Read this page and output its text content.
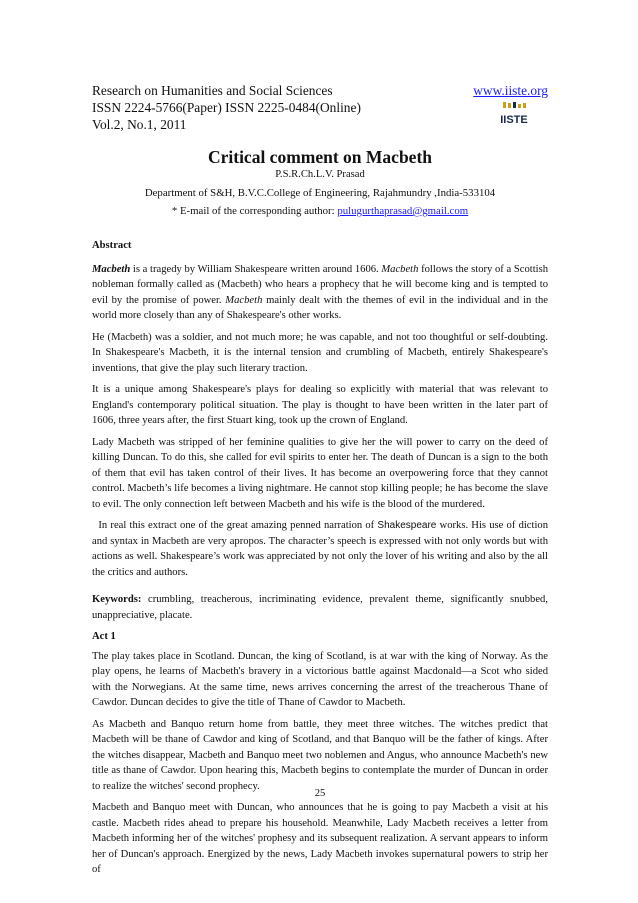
Research on Humanities and Social Sciences
ISSN 2224-5766(Paper) ISSN 2225-0484(Online)
Vol.2, No.1, 2011
www.iiste.org
IISTE
Critical comment on Macbeth
P.S.R.Ch.L.V. Prasad
Department of S&H, B.V.C.College of Engineering, Rajahmundry ,India-533104
* E-mail of the corresponding author: pulugurthaprasad@gmail.com

Abstract

Macbeth is a tragedy by William Shakespeare written around 1606. Macbeth follows the story of a Scottish nobleman formally called as (Macbeth) who hears a prophecy that he will become king and is tempted to evil by the promise of power. Macbeth mainly dealt with the themes of evil in the individual and in the world more closely than any of Shakespeare's other works.

He (Macbeth) was a soldier, and not much more; he was capable, and not too thoughtful or self-doubting. In Shakespeare's Macbeth, it is the internal tension and crumbling of Macbeth, entirely Shakespeare's inventions, that give the play such literary traction.

It is a unique among Shakespeare's plays for dealing so explicitly with material that was relevant to England's contemporary political situation. The play is thought to have been written in the later part of 1606, three years after, the first Stuart king, took up the crown of England.

Lady Macbeth was stripped of her feminine qualities to give her the will power to carry on the deed of killing Duncan. To do this, she called for evil spirits to enter her. The death of Duncan is a sign to the both of them that evil has taken control of their lives. It has become an overpowering force that they cannot control. Macbeth’s life becomes a living nightmare. He cannot stop killing people; he has become the slave to evil. The only connection left between Macbeth and his wife is the blood of the murdered.

In real this extract one of the great amazing penned narration of Shakespeare works. His use of diction and syntax in Macbeth are very apropos. The character’s speech is expressed with not only words but with actions as well. Shakespeare’s work was appreciated by not only the lover of his writing and also by the all the critics and authors.

Keywords: crumbling, treacherous, incriminating evidence, prevalent theme, significantly snubbed, unappreciative, placate.

Act 1

The play takes place in Scotland. Duncan, the king of Scotland, is at war with the king of Norway. As the play opens, he learns of Macbeth's bravery in a victorious battle against Macdonald—a Scot who sided with the Norwegians. At the same time, news arrives concerning the arrest of the treacherous Thane of Cawdor. Duncan decides to give the title of Thane of Cawdor to Macbeth.

As Macbeth and Banquo return home from battle, they meet three witches. The witches predict that Macbeth will be thane of Cawdor and king of Scotland, and that Banquo will be the father of kings. After the witches disappear, Macbeth and Banquo meet two noblemen and Angus, who announce Macbeth's new title as thane of Cawdor. Upon hearing this, Macbeth begins to contemplate the murder of Duncan in order to realize the witches' second prophecy.

Macbeth and Banquo meet with Duncan, who announces that he is going to pay Macbeth a visit at his castle. Macbeth rides ahead to prepare his household. Meanwhile, Lady Macbeth receives a letter from Macbeth informing her of the witches' prophesy and its subsequent realization. A servant appears to inform her of Duncan's approach. Energized by the news, Lady Macbeth invokes supernatural powers to strip her of

25
